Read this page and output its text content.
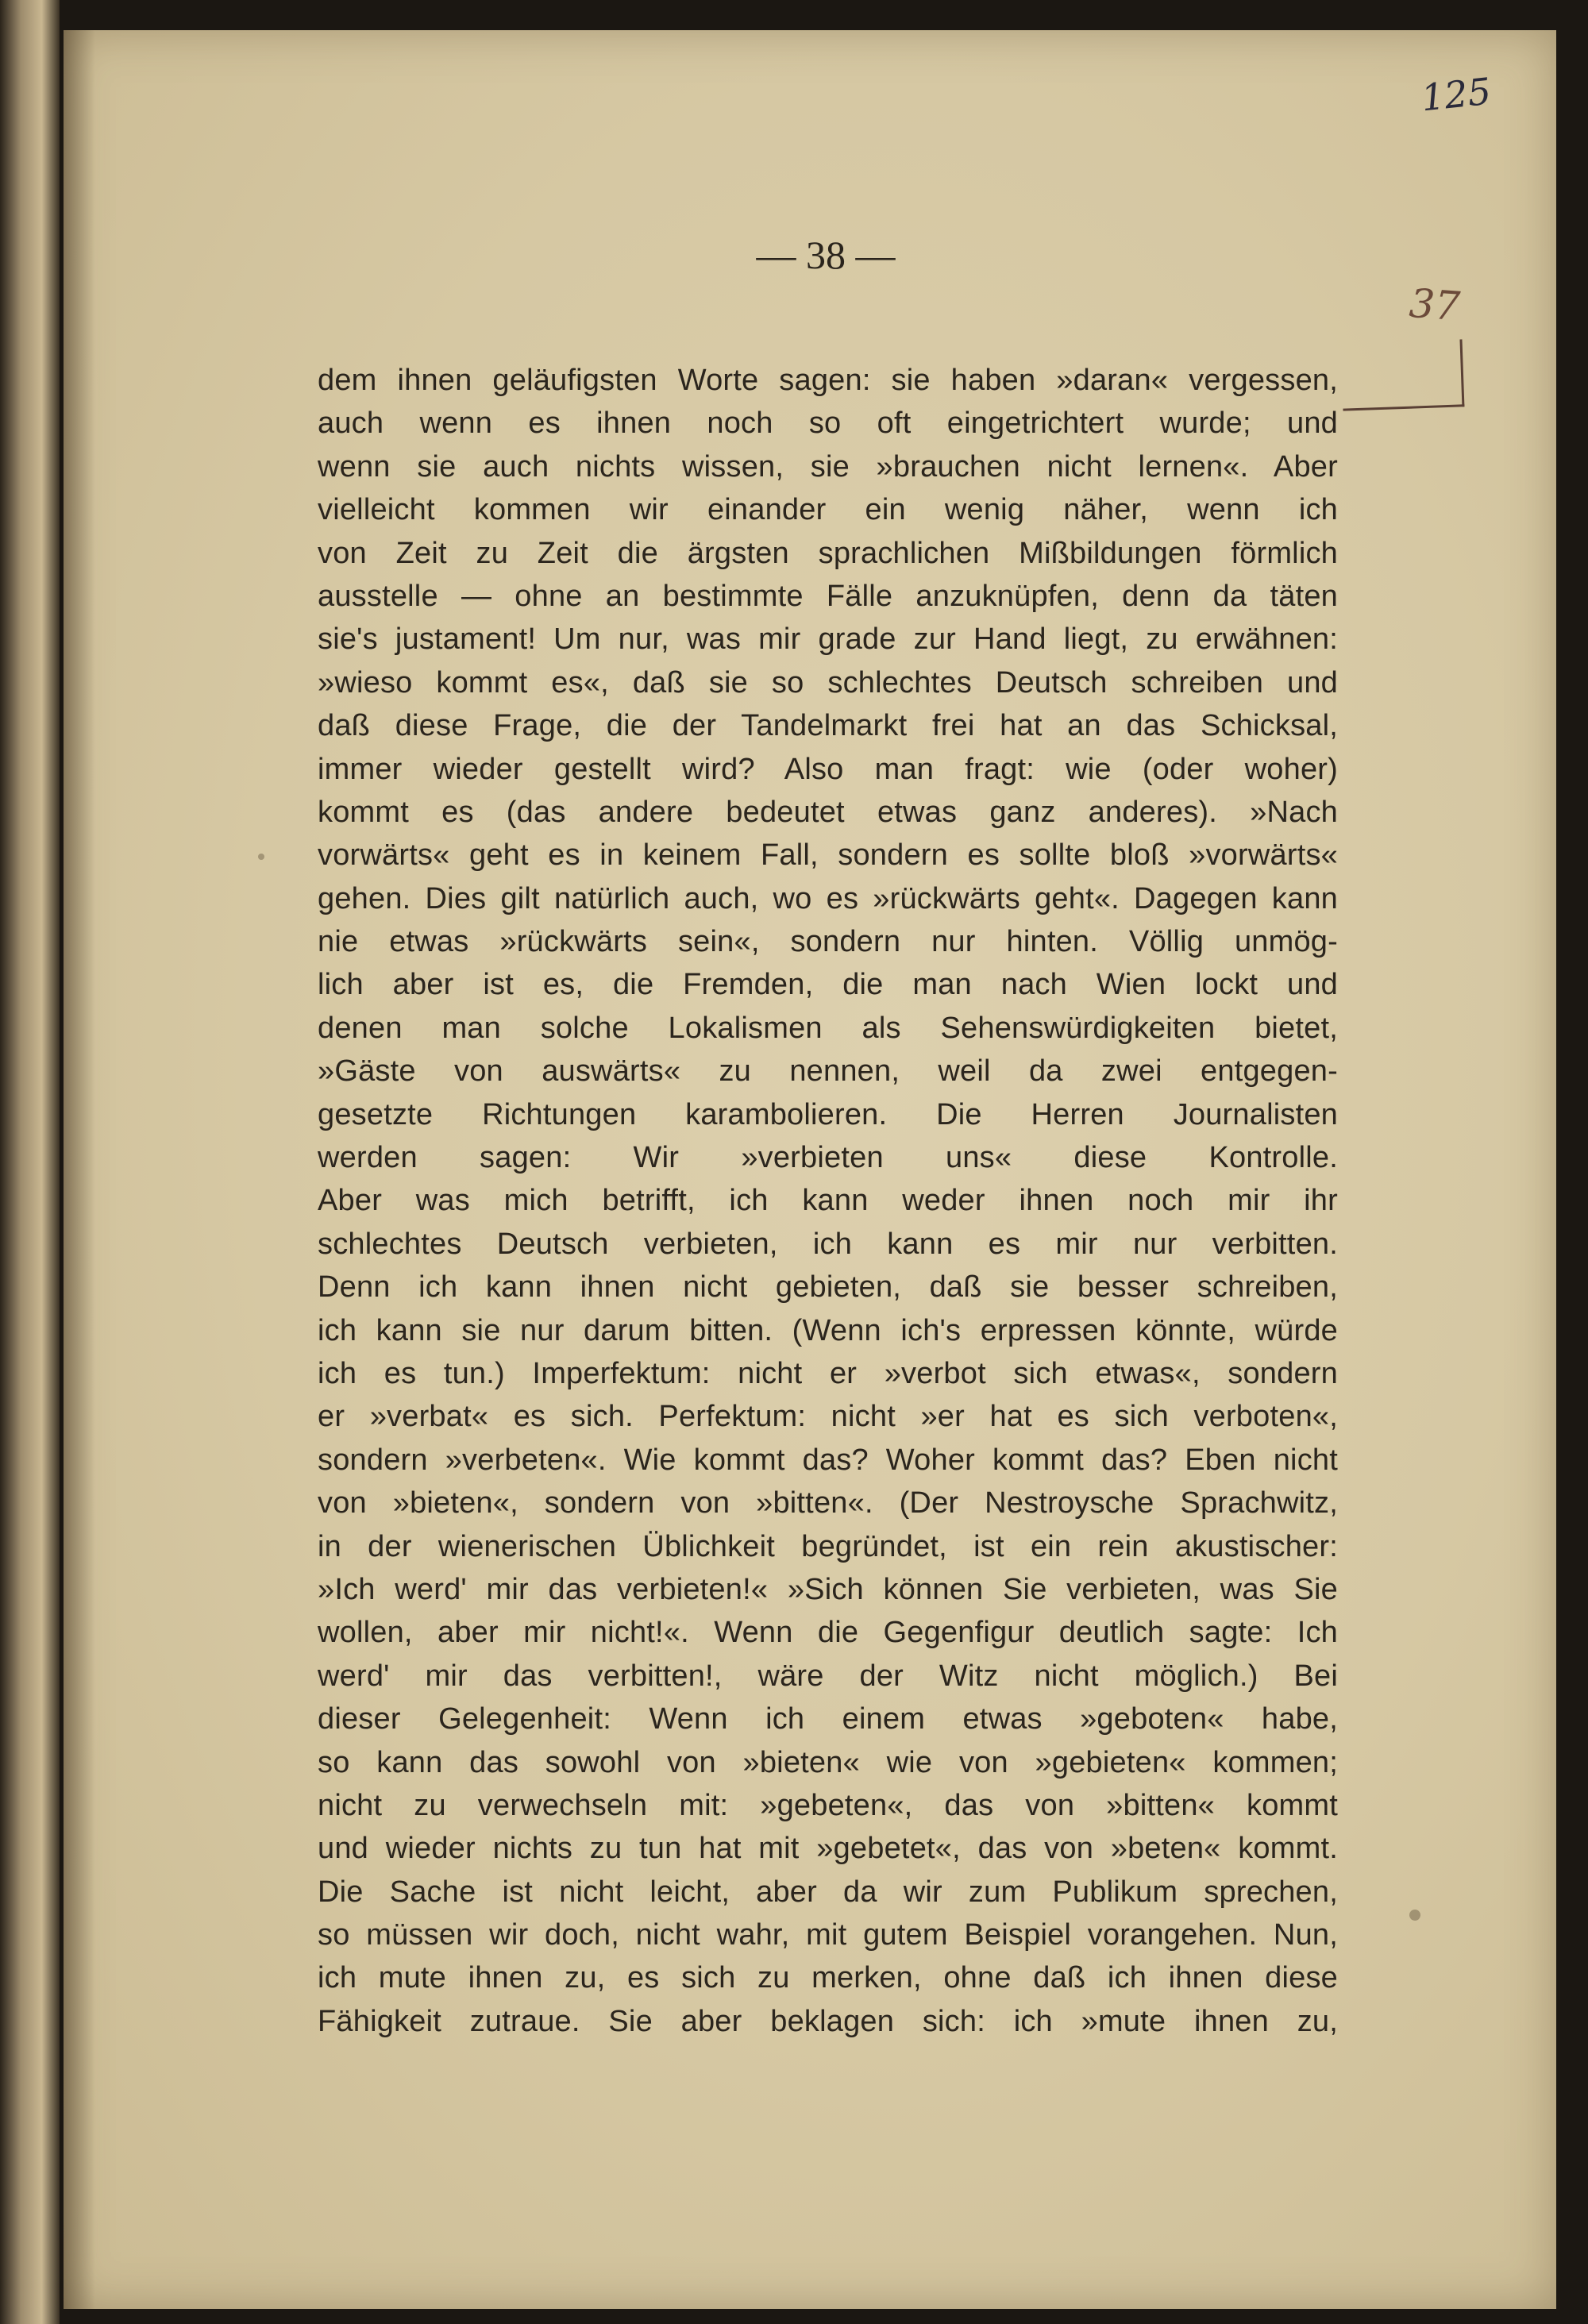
125
37
— 38 —
dem ihnen geläufigsten Worte sagen: sie haben »daran« vergessen,
auch wenn es ihnen noch so oft eingetrichtert wurde; und
wenn sie auch nichts wissen, sie »brauchen nicht lernen«. Aber
vielleicht kommen wir einander ein wenig näher, wenn ich
von Zeit zu Zeit die ärgsten sprachlichen Mißbildungen förmlich
ausstelle — ohne an bestimmte Fälle anzuknüpfen, denn da täten
sie's justament! Um nur, was mir grade zur Hand liegt, zu erwähnen:
»wieso kommt es«, daß sie so schlechtes Deutsch schreiben und
daß diese Frage, die der Tandelmarkt frei hat an das Schicksal,
immer wieder gestellt wird? Also man fragt: wie (oder woher)
kommt es (das andere bedeutet etwas ganz anderes). »Nach
vorwärts« geht es in keinem Fall, sondern es sollte bloß »vorwärts«
gehen. Dies gilt natürlich auch, wo es »rückwärts geht«. Dagegen kann
nie etwas »rückwärts sein«, sondern nur hinten. Völlig unmög-
lich aber ist es, die Fremden, die man nach Wien lockt und
denen man solche Lokalismen als Sehenswürdigkeiten bietet,
»Gäste von auswärts« zu nennen, weil da zwei entgegen-
gesetzte Richtungen karambolieren. Die Herren Journalisten
werden sagen: Wir »verbieten uns« diese Kontrolle.
Aber was mich betrifft, ich kann weder ihnen noch mir ihr
schlechtes Deutsch verbieten, ich kann es mir nur verbitten.
Denn ich kann ihnen nicht gebieten, daß sie besser schreiben,
ich kann sie nur darum bitten. (Wenn ich's erpressen könnte, würde
ich es tun.) Imperfektum: nicht er »verbot sich etwas«, sondern
er »verbat« es sich. Perfektum: nicht »er hat es sich verboten«,
sondern »verbeten«. Wie kommt das? Woher kommt das? Eben nicht
von »bieten«, sondern von »bitten«. (Der Nestroysche Sprachwitz,
in der wienerischen Üblichkeit begründet, ist ein rein akustischer:
»Ich werd' mir das verbieten!« »Sich können Sie verbieten, was Sie
wollen, aber mir nicht!«. Wenn die Gegenfigur deutlich sagte: Ich
werd' mir das verbitten!, wäre der Witz nicht möglich.) Bei
dieser Gelegenheit: Wenn ich einem etwas »geboten« habe,
so kann das sowohl von »bieten« wie von »gebieten« kommen;
nicht zu verwechseln mit: »gebeten«, das von »bitten« kommt
und wieder nichts zu tun hat mit »gebetet«, das von »beten« kommt.
Die Sache ist nicht leicht, aber da wir zum Publikum sprechen,
so müssen wir doch, nicht wahr, mit gutem Beispiel vorangehen. Nun,
ich mute ihnen zu, es sich zu merken, ohne daß ich ihnen diese
Fähigkeit zutraue. Sie aber beklagen sich: ich »mute ihnen zu,
